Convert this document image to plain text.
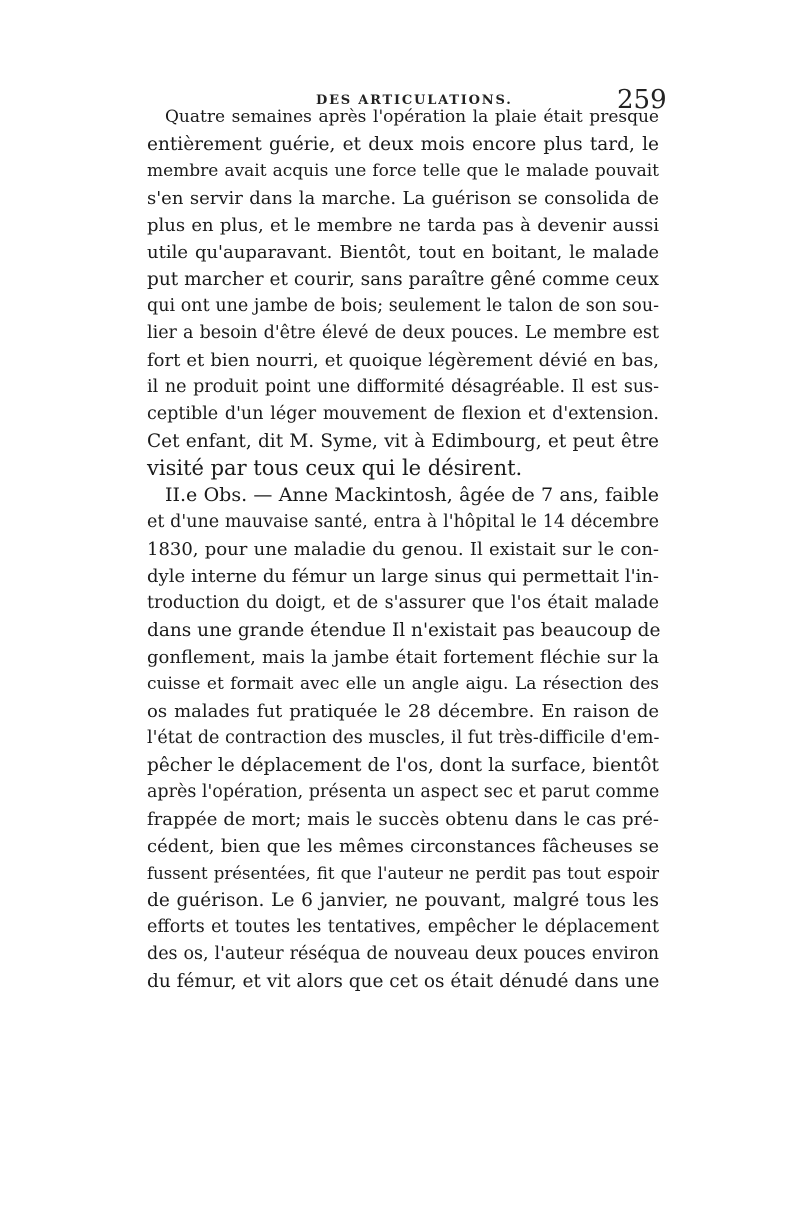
DES ARTICULATIONS.	259
Quatre semaines après l'opération la plaie était presque
entièrement guérie, et deux mois encore plus tard, le
membre avait acquis une force telle que le malade pouvait
s'en servir dans la marche. La guérison se consolida de
plus en plus, et le membre ne tarda pas à devenir aussi
utile qu'auparavant. Bientôt, tout en boitant, le malade
put marcher et courir, sans paraître gêné comme ceux
qui ont une jambe de bois; seulement le talon de son sou-
lier a besoin d'être élevé de deux pouces. Le membre est
fort et bien nourri, et quoique légèrement dévié en bas,
il ne produit point une difformité désagréable. Il est sus-
ceptible d'un léger mouvement de flexion et d'extension.
Cet enfant, dit M. Syme, vit à Edimbourg, et peut être
visité par tous ceux qui le désirent.
II.e Obs. — Anne Mackintosh, âgée de 7 ans, faible
et d'une mauvaise santé, entra à l'hôpital le 14 décembre
1830, pour une maladie du genou. Il existait sur le con-
dyle interne du fémur un large sinus qui permettait l'in-
troduction du doigt, et de s'assurer que l'os était malade
dans une grande étendue Il n'existait pas beaucoup de
gonflement, mais la jambe était fortement fléchie sur la
cuisse et formait avec elle un angle aigu. La résection des
os malades fut pratiquée le 28 décembre. En raison de
l'état de contraction des muscles, il fut très-difficile d'em-
pêcher le déplacement de l'os, dont la surface, bientôt
après l'opération, présenta un aspect sec et parut comme
frappée de mort; mais le succès obtenu dans le cas pré-
cédent, bien que les mêmes circonstances fâcheuses se
fussent présentées, fit que l'auteur ne perdit pas tout espoir
de guérison. Le 6 janvier, ne pouvant, malgré tous les
efforts et toutes les tentatives, empêcher le déplacement
des os, l'auteur réséqua de nouveau deux pouces environ
du fémur, et vit alors que cet os était dénudé dans une
